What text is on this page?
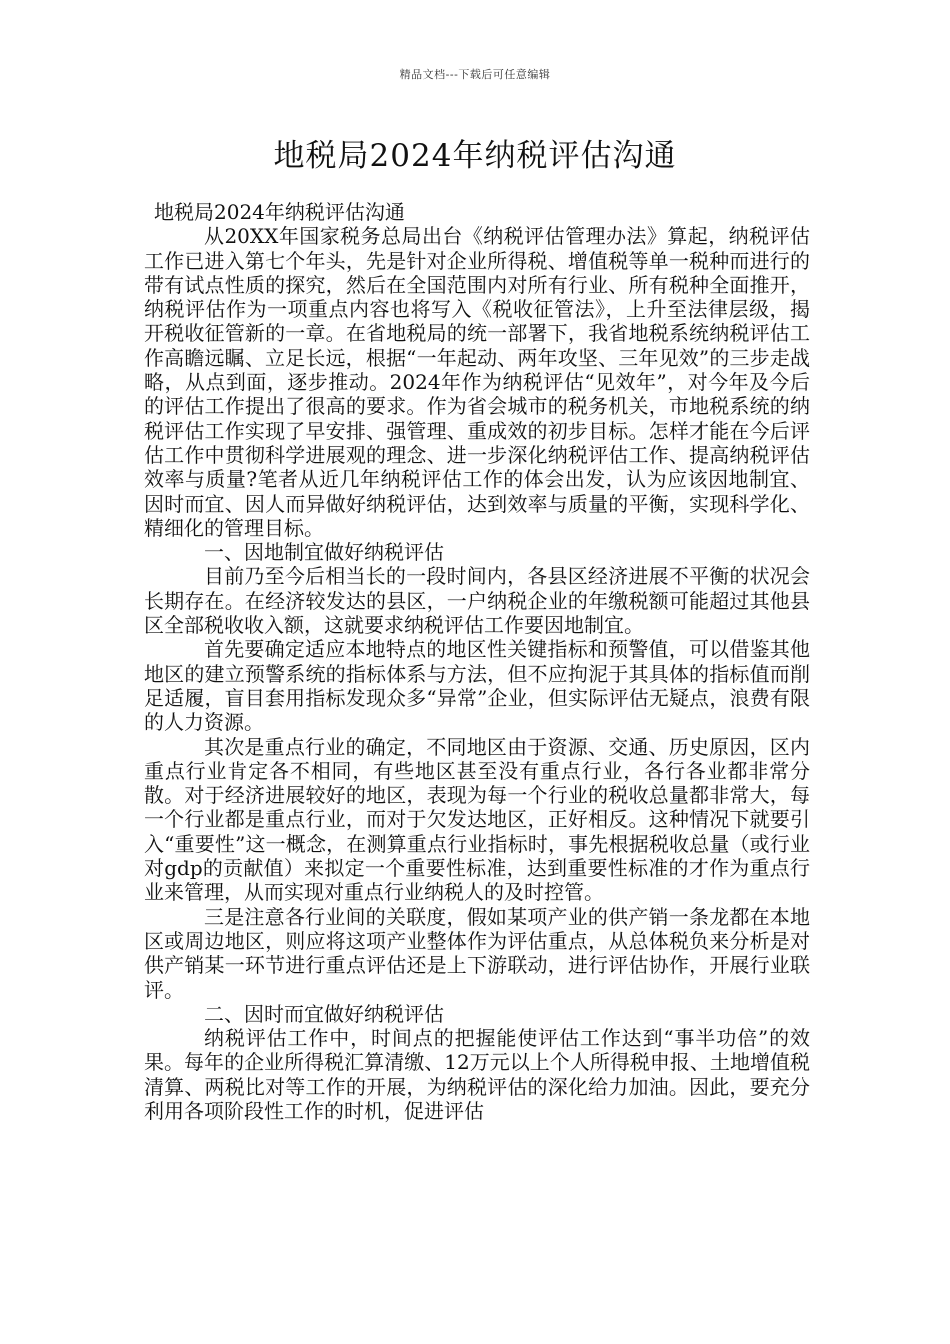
精品文档---下载后可任意编辑
地税局2024年纳税评估沟通

地税局2024年纳税评估沟通

从20XX年国家税务总局出台《纳税评估管理办法》算起，纳税评估工作已进入第七个年头，先是针对企业所得税、增值税等单一税种而进行的带有试点性质的探究，然后在全国范围内对所有行业、所有税种全面推开，纳税评估作为一项重点内容也将写入《税收征管法》，上升至法律层级，揭开税收征管新的一章。在省地税局的统一部署下，我省地税系统纳税评估工作高瞻远瞩、立足长远，根据“一年起动、两年攻坚、三年见效”的三步走战略，从点到面，逐步推动。2024年作为纳税评估“见效年”，对今年及今后的评估工作提出了很高的要求。作为省会城市的税务机关，市地税系统的纳税评估工作实现了早安排、强管理、重成效的初步目标。怎样才能在今后评估工作中贯彻科学进展观的理念、进一步深化纳税评估工作、提高纳税评估效率与质量?笔者从近几年纳税评估工作的体会出发，认为应该因地制宜、因时而宜、因人而异做好纳税评估，达到效率与质量的平衡，实现科学化、精细化的管理目标。

一、因地制宜做好纳税评估

目前乃至今后相当长的一段时间内，各县区经济进展不平衡的状况会长期存在。在经济较发达的县区，一户纳税企业的年缴税额可能超过其他县区全部税收收入额，这就要求纳税评估工作要因地制宜。

首先要确定适应本地特点的地区性关键指标和预警值，可以借鉴其他地区的建立预警系统的指标体系与方法，但不应拘泥于其具体的指标值而削足适履，盲目套用指标发现众多“异常”企业，但实际评估无疑点，浪费有限的人力资源。

其次是重点行业的确定，不同地区由于资源、交通、历史原因，区内重点行业肯定各不相同，有些地区甚至没有重点行业，各行各业都非常分散。对于经济进展较好的地区，表现为每一个行业的税收总量都非常大，每一个行业都是重点行业，而对于欠发达地区，正好相反。这种情况下就要引入“重要性”这一概念，在测算重点行业指标时，事先根据税收总量（或行业对gdp的贡献值）来拟定一个重要性标准，达到重要性标准的才作为重点行业来管理，从而实现对重点行业纳税人的及时控管。

三是注意各行业间的关联度，假如某项产业的供产销一条龙都在本地区或周边地区，则应将这项产业整体作为评估重点，从总体税负来分析是对供产销某一环节进行重点评估还是上下游联动，进行评估协作，开展行业联评。

二、因时而宜做好纳税评估

纳税评估工作中，时间点的把握能使评估工作达到“事半功倍”的效果。每年的企业所得税汇算清缴、12万元以上个人所得税申报、土地增值税清算、两税比对等工作的开展，为纳税评估的深化给力加油。因此，要充分利用各项阶段性工作的时机，促进评估
